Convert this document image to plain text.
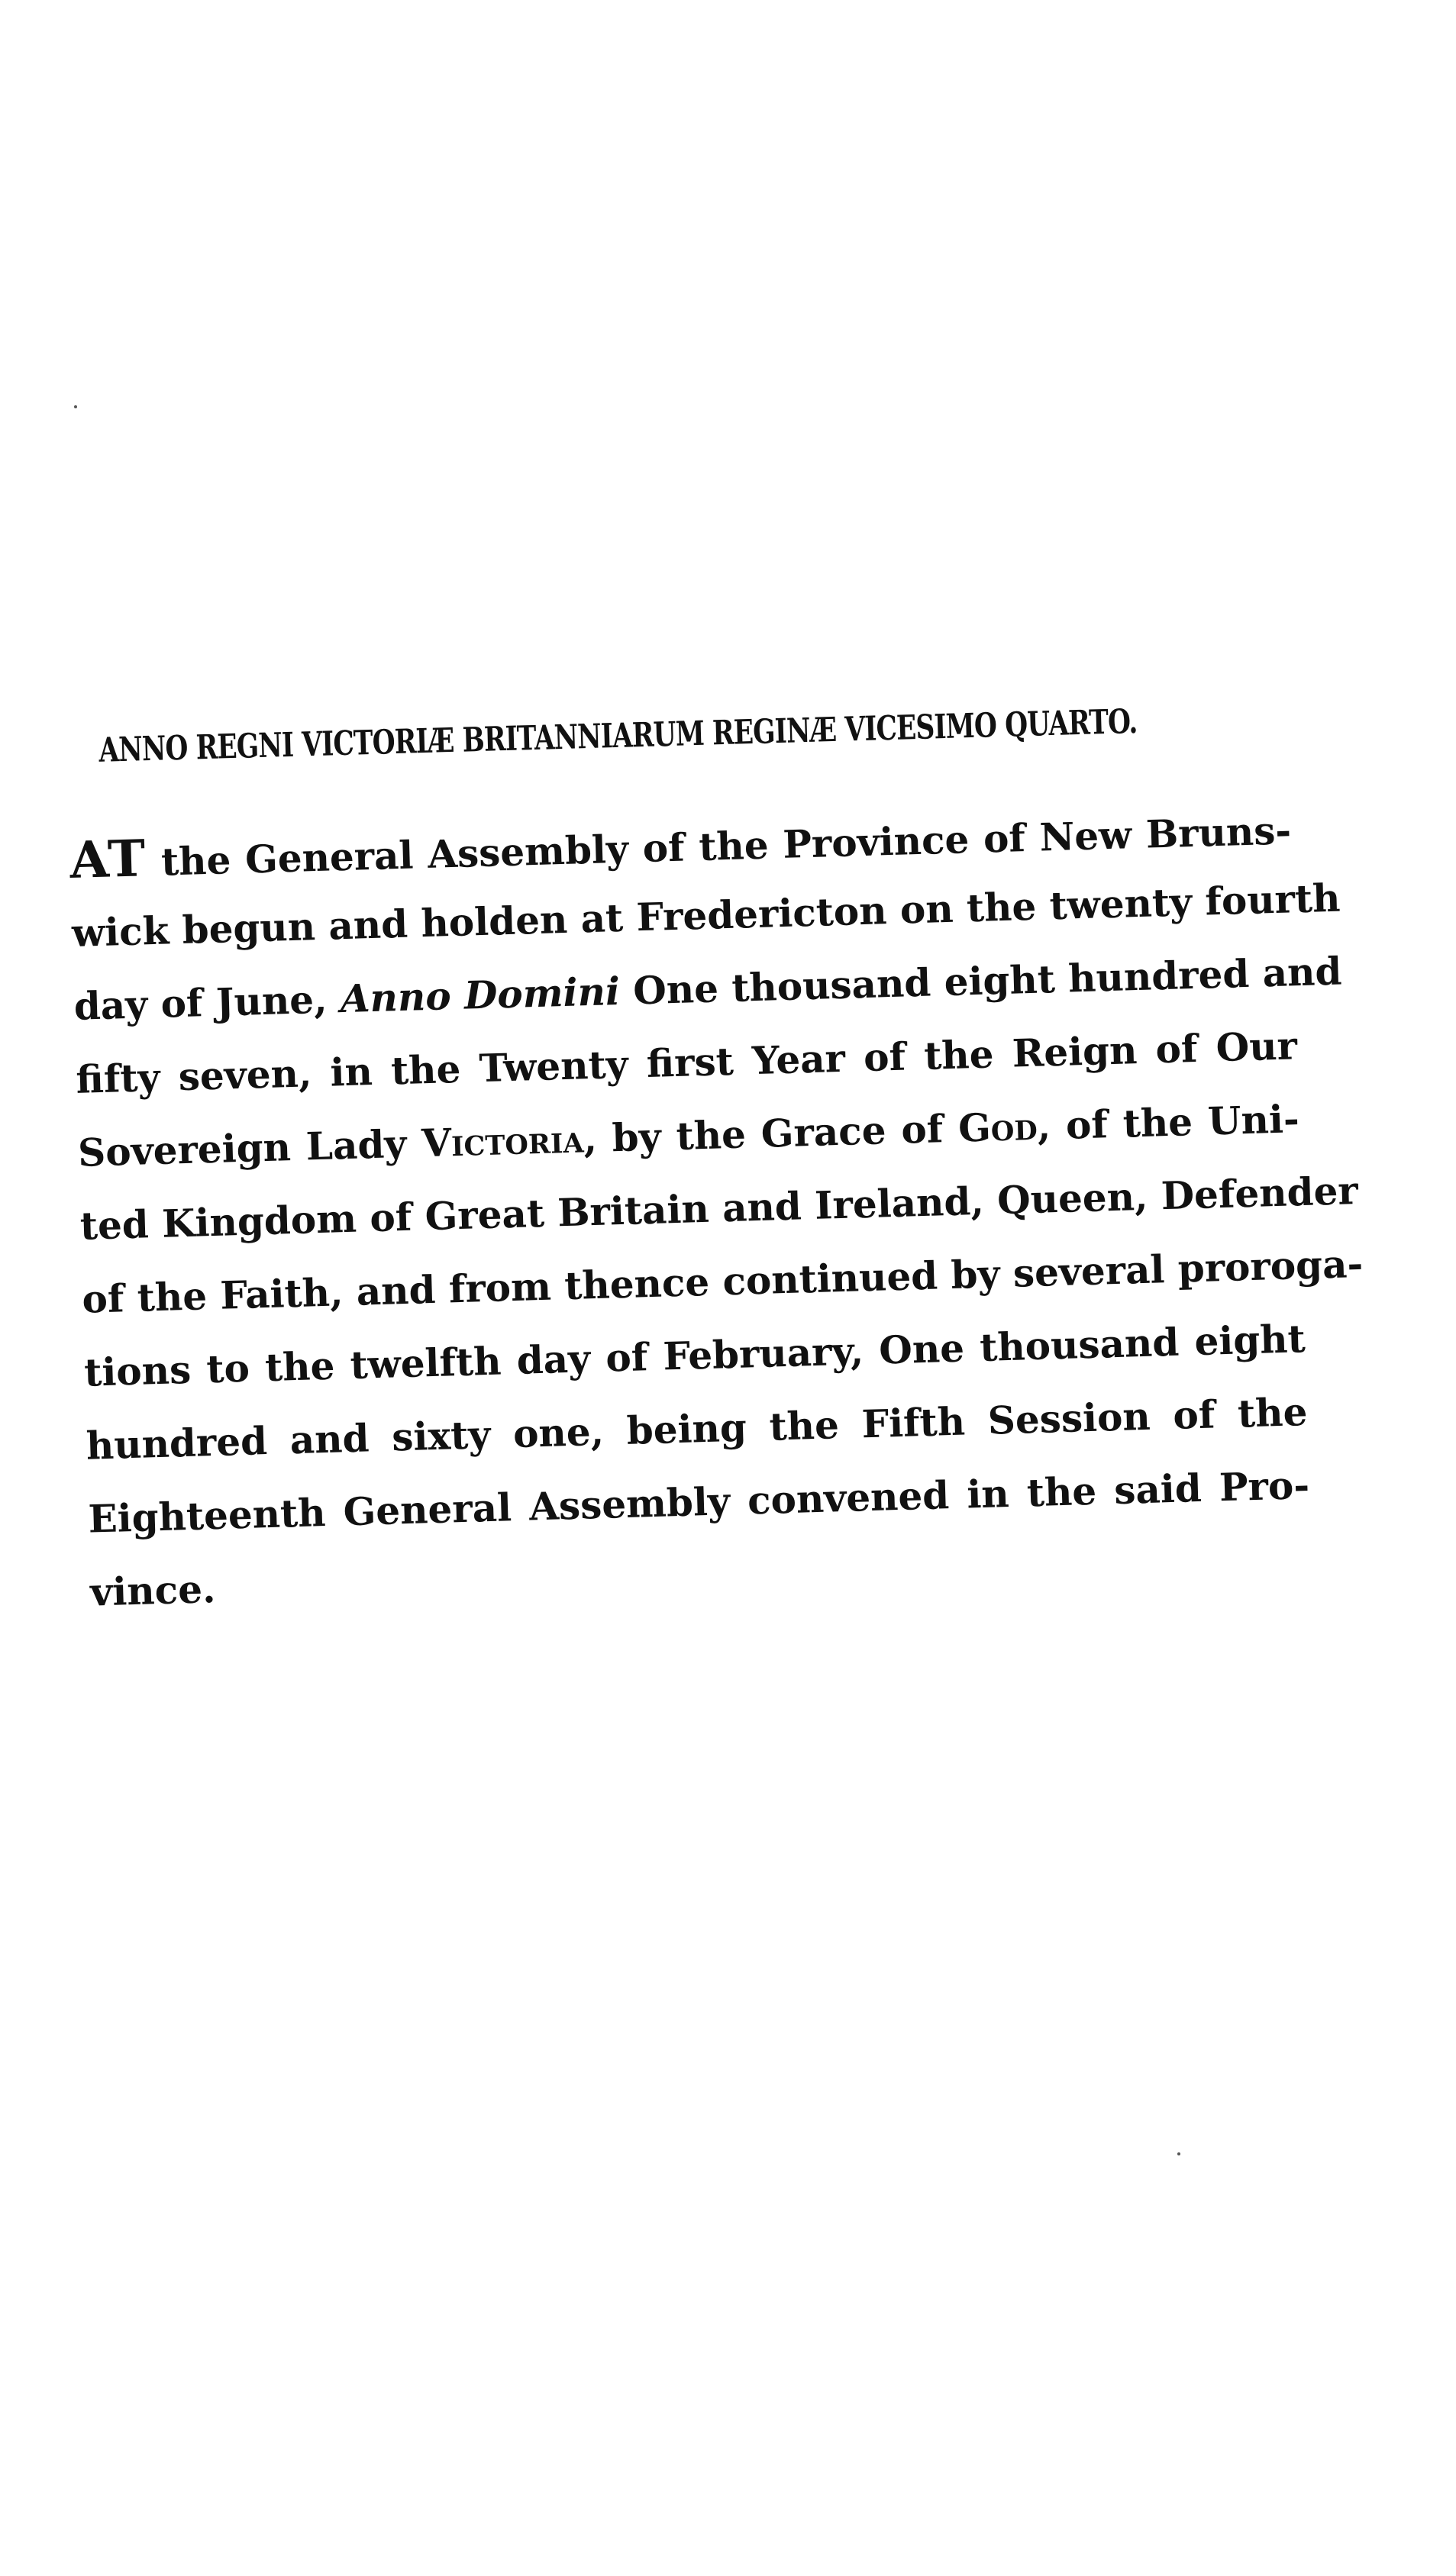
ANNO REGNI VICTORIÆ BRITANNIARUM REGINÆ VICESIMO QUARTO.
AT the General Assembly of the Province of New Bruns-
wick begun and holden at Fredericton on the twenty fourth
day of June, Anno Domini One thousand eight hundred and
fifty seven, in the Twenty first Year of the Reign of Our
Sovereign Lady Victoria, by the Grace of God, of the Uni-
ted Kingdom of Great Britain and Ireland, Queen, Defender
of the Faith, and from thence continued by several proroga-
tions to the twelfth day of February, One thousand eight
hundred and sixty one, being the Fifth Session of the
Eighteenth General Assembly convened in the said Pro-
vince.
